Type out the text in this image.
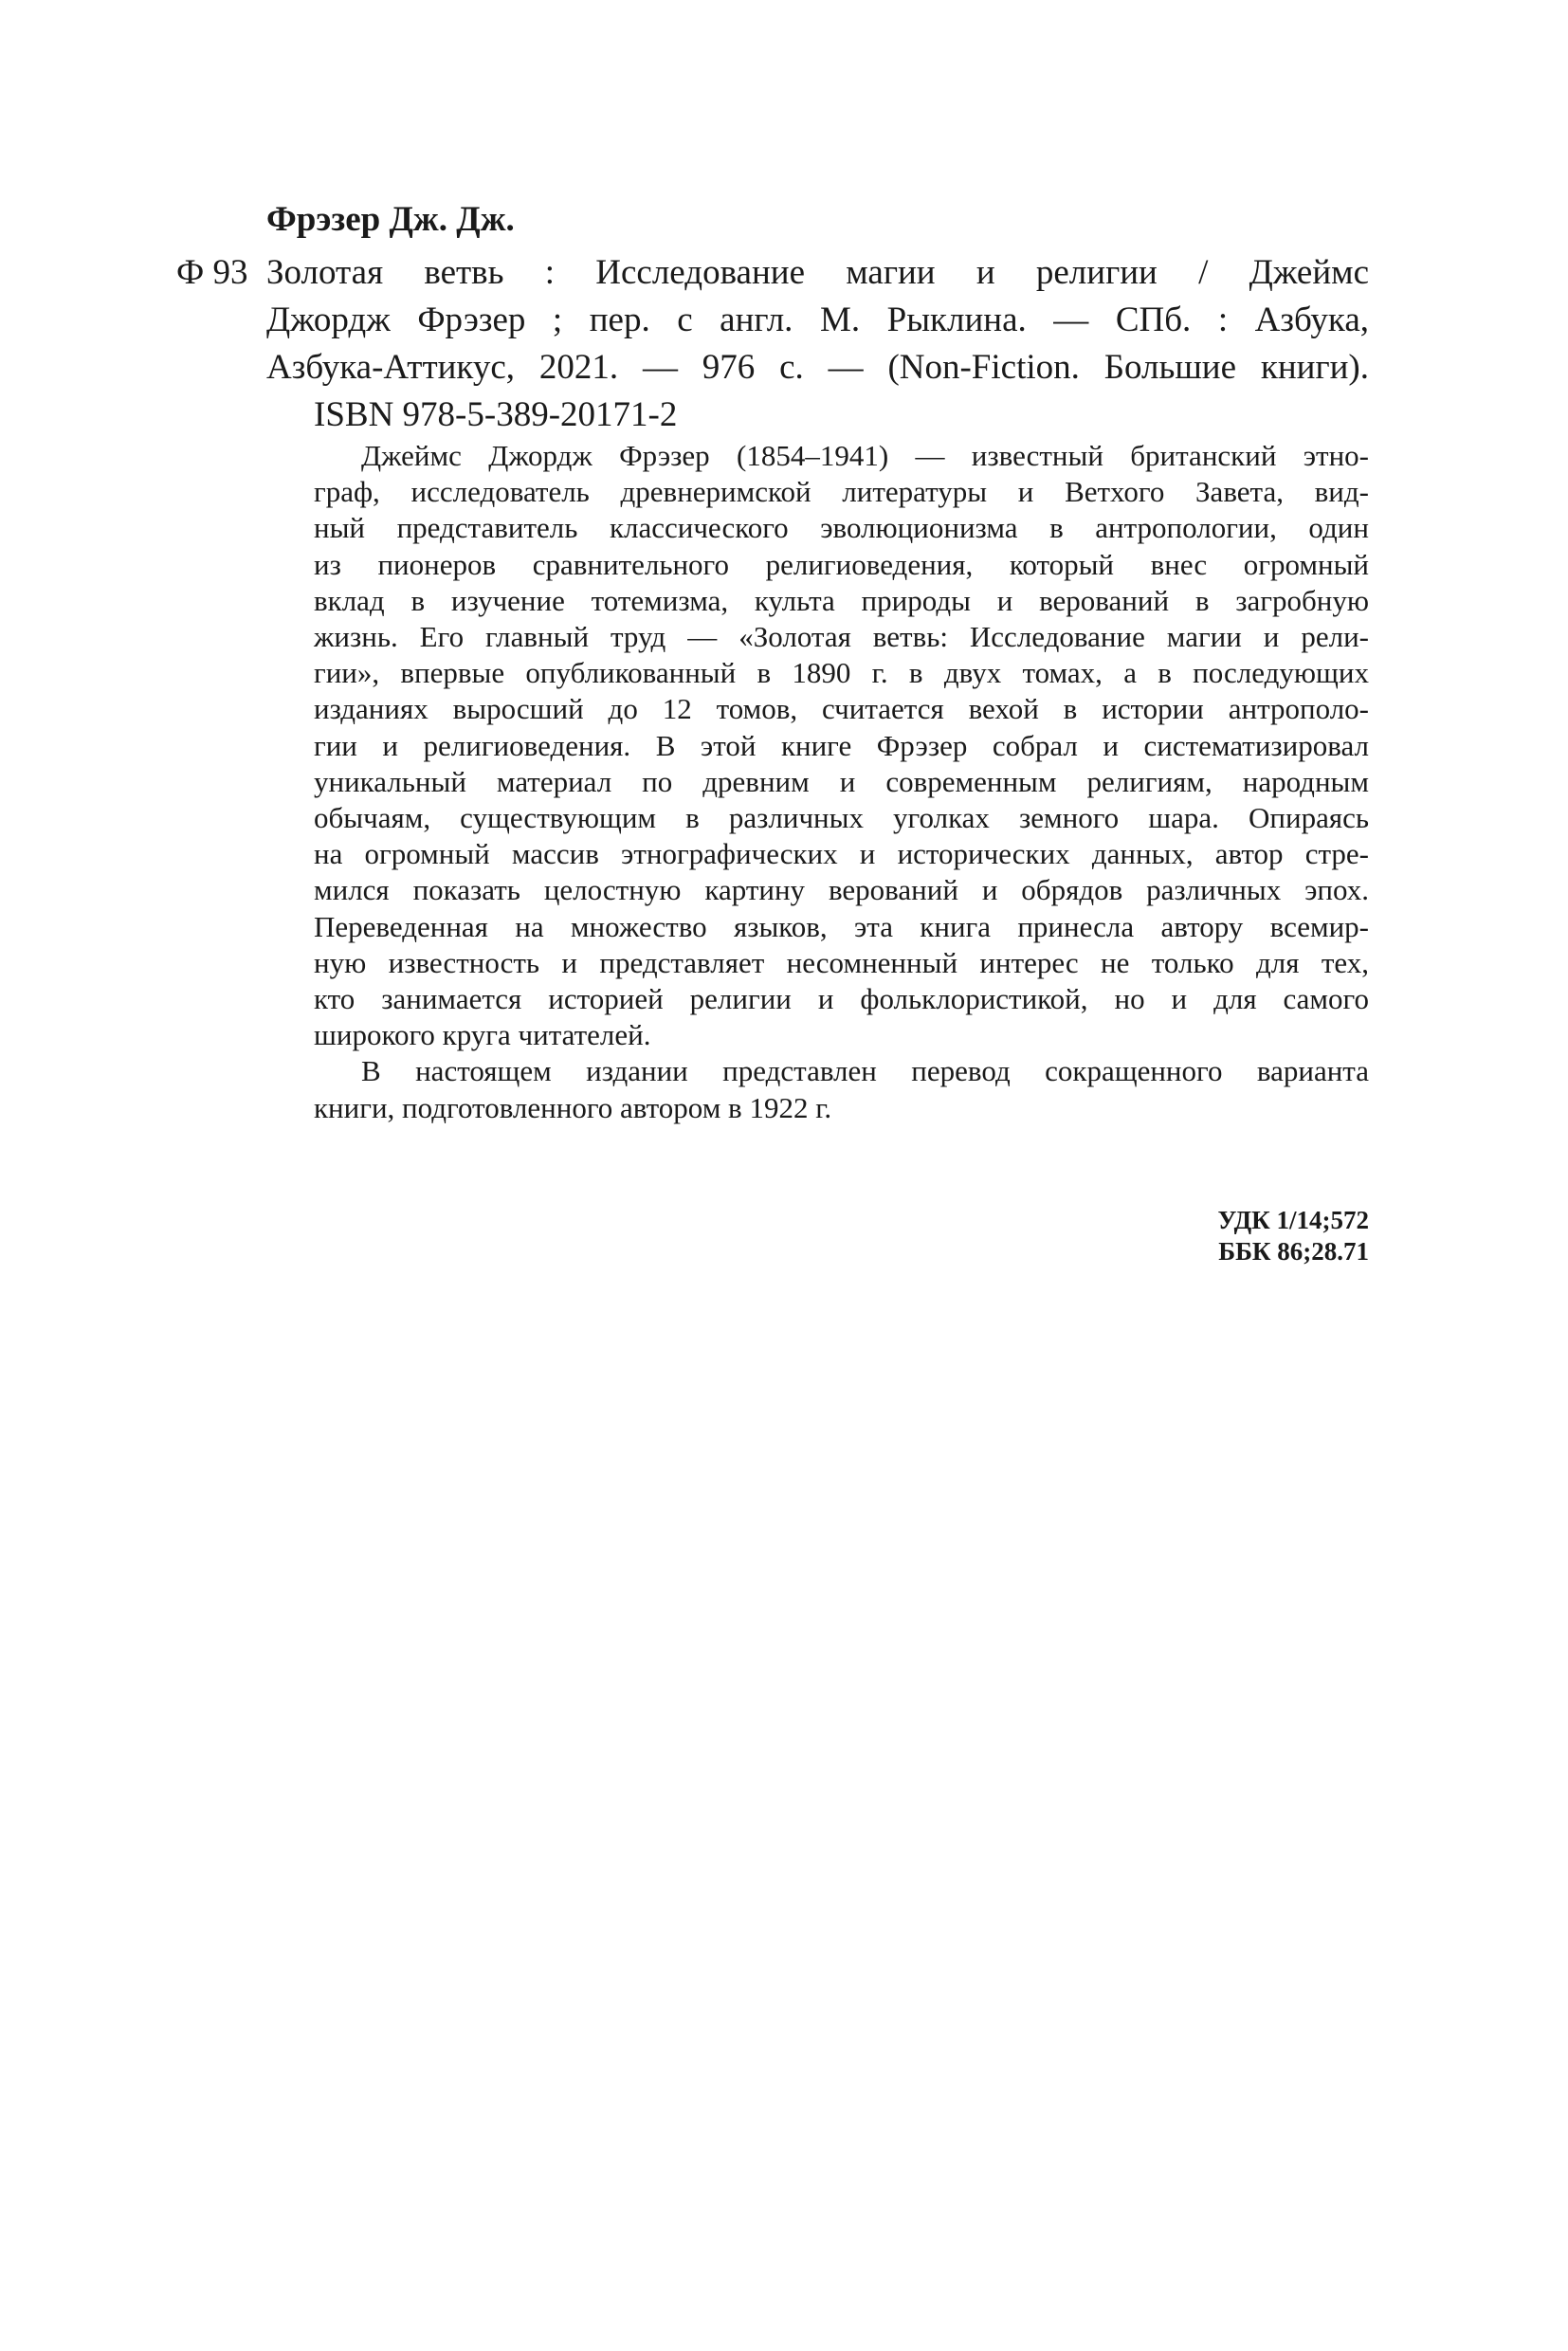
Фрэзер Дж. Дж.
Ф 93 Золотая ветвь : Исследование магии и религии / Джеймс
Джордж Фрэзер ; пер. с англ. М. Рыклина. — СПб. : Азбука,
Азбука-Аттикус, 2021. — 976 с. — (Non-Fiction. Большие книги).
ISBN 978-5-389-20171-2
Джеймс Джордж Фрэзер (1854–1941) — известный британский этно-
граф, исследователь древнеримской литературы и Ветхого Завета, вид-
ный представитель классического эволюционизма в антропологии, один
из пионеров сравнительного религиоведения, который внес огромный
вклад в изучение тотемизма, культа природы и верований в загробную
жизнь. Его главный труд — «Золотая ветвь: Исследование магии и рели-
гии», впервые опубликованный в 1890 г. в двух томах, а в последующих
изданиях выросший до 12 томов, считается вехой в истории антрополо-
гии и религиоведения. В этой книге Фрэзер собрал и систематизировал
уникальный материал по древним и современным религиям, народным
обычаям, существующим в различных уголках земного шара. Опираясь
на огромный массив этнографических и исторических данных, автор стре-
мился показать целостную картину верований и обрядов различных эпох.
Переведенная на множество языков, эта книга принесла автору всемир-
ную известность и представляет несомненный интерес не только для тех,
кто занимается историей религии и фольклористикой, но и для самого
широкого круга читателей.
В настоящем издании представлен перевод сокращенного варианта
книги, подготовленного автором в 1922 г.
УДК 1/14;572
ББК 86;28.71
